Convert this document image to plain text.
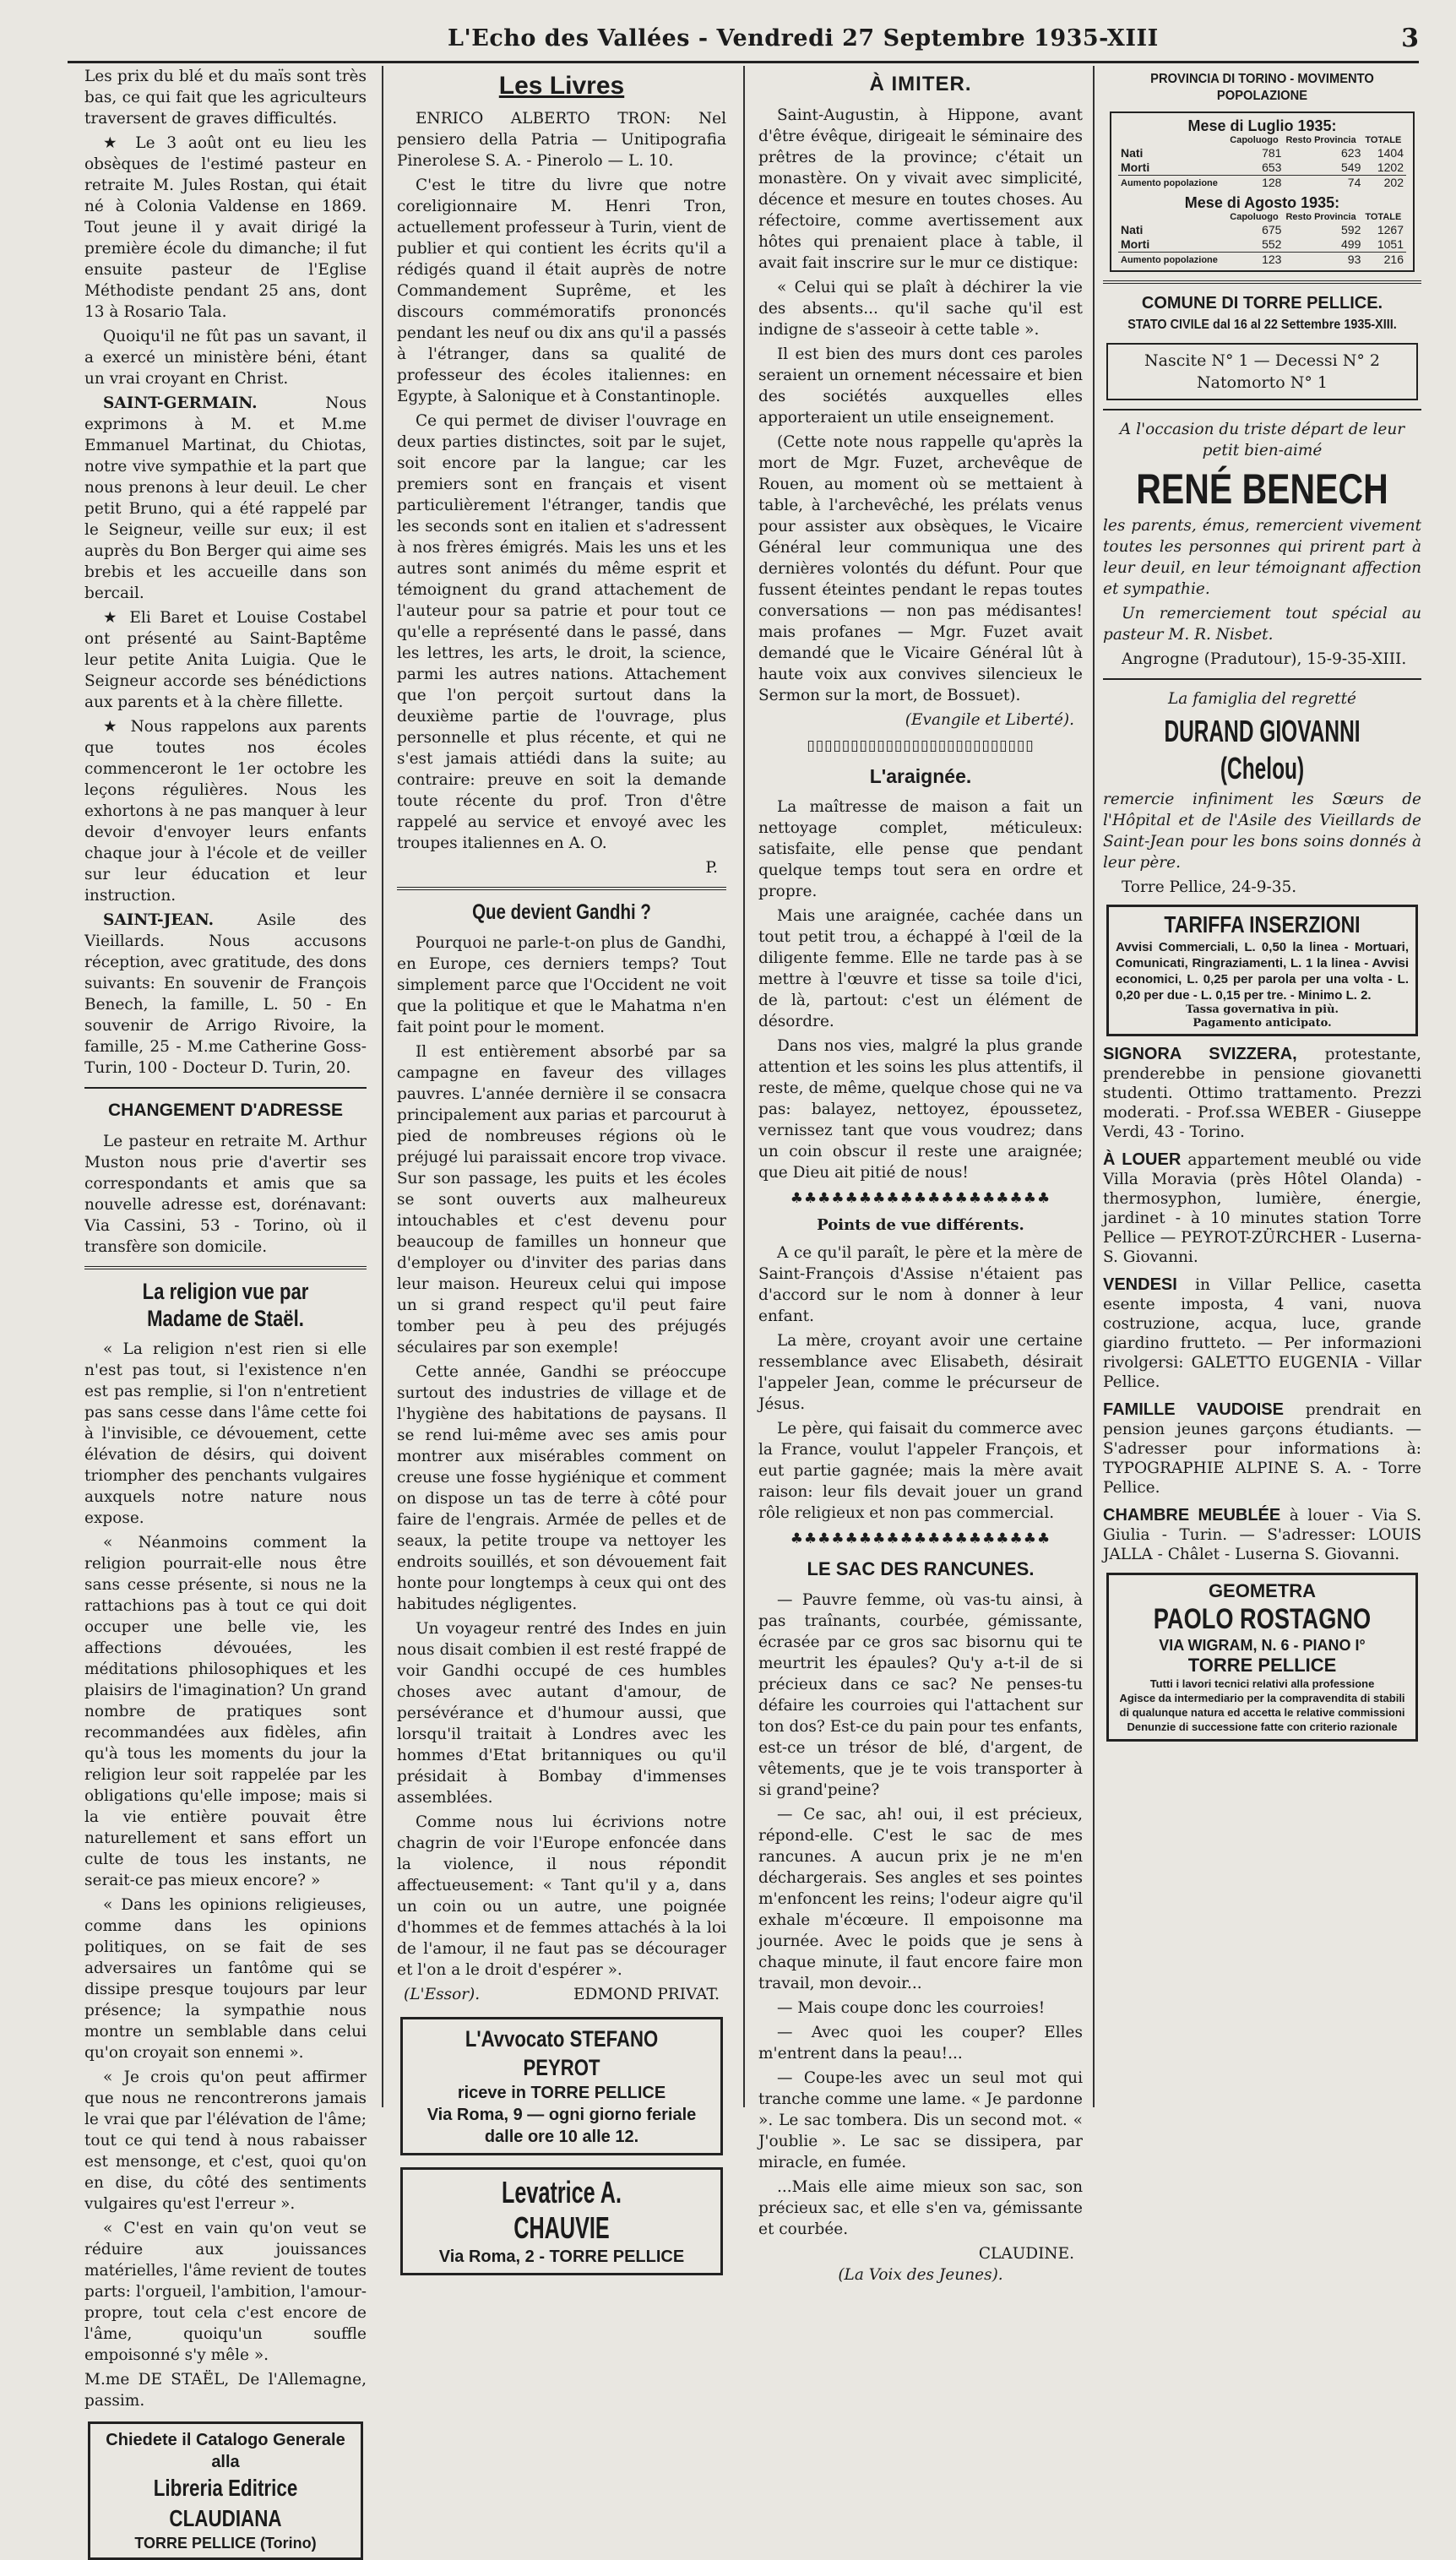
L'Echo des Vallées - Vendredi 27 Septembre 1935-XIII	3

Les prix du blé et du maïs sont très bas, ce qui fait que les agriculteurs traversent de graves difficultés.

★ Le 3 août ont eu lieu les obsèques de l'estimé pasteur en retraite M. Jules Rostan, qui était né à Colonia Valdense en 1869. Tout jeune il y avait dirigé la première école du dimanche; il fut ensuite pasteur de l'Eglise Méthodiste pendant 25 ans, dont 13 à Rosario Tala.

Quoiqu'il ne fût pas un savant, il a exercé un ministère béni, étant un vrai croyant en Christ.

SAINT-GERMAIN. Nous exprimons à M. et M.me Emmanuel Martinat, du Chiotas, notre vive sympathie et la part que nous prenons à leur deuil. Le cher petit Bruno, qui a été rappelé par le Seigneur, veille sur eux; il est auprès du Bon Berger qui aime ses brebis et les accueille dans son bercail.

★ Eli Baret et Louise Costabel ont présenté au Saint-Baptême leur petite Anita Luigia. Que le Seigneur accorde ses bénédictions aux parents et à la chère fillette.

★ Nous rappelons aux parents que toutes nos écoles commenceront le 1er octobre les leçons régulières. Nous les exhortons à ne pas manquer à leur devoir d'envoyer leurs enfants chaque jour à l'école et de veiller sur leur éducation et leur instruction.

SAINT-JEAN. Asile des Vieillards. Nous accusons réception, avec gratitude, des dons suivants: En souvenir de François Benech, la famille, L. 50 - En souvenir de Arrigo Rivoire, la famille, 25 - M.me Catherine Goss-Turin, 100 - Docteur D. Turin, 20.

CHANGEMENT D'ADRESSE

Le pasteur en retraite M. Arthur Muston nous prie d'avertir ses correspondants et amis que sa nouvelle adresse est, dorénavant: Via Cassini, 53 - Torino, où il transfère son domicile.

La religion vue par Madame de Staël.

« La religion n'est rien si elle n'est pas tout, si l'existence n'en est pas remplie, si l'on n'entretient pas sans cesse dans l'âme cette foi à l'invisible, ce dévouement, cette élévation de désirs, qui doivent triompher des penchants vulgaires auxquels notre nature nous expose.

« Néanmoins comment la religion pourrait-elle nous être sans cesse présente, si nous ne la rattachions pas à tout ce qui doit occuper une belle vie, les affections dévouées, les méditations philosophiques et les plaisirs de l'imagination? Un grand nombre de pratiques sont recommandées aux fidèles, afin qu'à tous les moments du jour la religion leur soit rappelée par les obligations qu'elle impose; mais si la vie entière pouvait être naturellement et sans effort un culte de tous les instants, ne serait-ce pas mieux encore? »

« Dans les opinions religieuses, comme dans les opinions politiques, on se fait de ses adversaires un fantôme qui se dissipe presque toujours par leur présence; la sympathie nous montre un semblable dans celui qu'on croyait son ennemi ».

« Je crois qu'on peut affirmer que nous ne rencontrerons jamais le vrai que par l'élévation de l'âme; tout ce qui tend à nous rabaisser est mensonge, et c'est, quoi qu'on en dise, du côté des sentiments vulgaires qu'est l'erreur ».

« C'est en vain qu'on veut se réduire aux jouissances matérielles, l'âme revient de toutes parts: l'orgueil, l'ambition, l'amour-propre, tout cela c'est encore de l'âme, quoiqu'un souffle empoisonné s'y mêle ».

M.me DE STAËL, De l'Allemagne, passim.

Chiedete il Catalogo Generale alla
Libreria Editrice CLAUDIANA
TORRE PELLICE (Torino)
Les Livres

ENRICO ALBERTO TRON: Nel pensiero della Patria — Unitipografia Pinerolese S. A. - Pinerolo — L. 10.

C'est le titre du livre que notre coreligionnaire M. Henri Tron, actuellement professeur à Turin, vient de publier et qui contient les écrits qu'il a rédigés quand il était auprès de notre Commandement Suprême, et les discours commémoratifs prononcés pendant les neuf ou dix ans qu'il a passés à l'étranger, dans sa qualité de professeur des écoles italiennes: en Egypte, à Salonique et à Constantinople.

Ce qui permet de diviser l'ouvrage en deux parties distinctes, soit par le sujet, soit encore par la langue; car les premiers sont en français et visent particulièrement l'étranger, tandis que les seconds sont en italien et s'adressent à nos frères émigrés. Mais les uns et les autres sont animés du même esprit et témoignent du grand attachement de l'auteur pour sa patrie et pour tout ce qu'elle a représenté dans le passé, dans les lettres, les arts, le droit, la science, parmi les autres nations. Attachement que l'on perçoit surtout dans la deuxième partie de l'ouvrage, plus personnelle et plus récente, et qui ne s'est jamais attiédi dans la suite; au contraire: preuve en soit la demande toute récente du prof. Tron d'être rappelé au service et envoyé avec les troupes italiennes en A. O.

P.
Que devient Gandhi ?

Pourquoi ne parle-t-on plus de Gandhi, en Europe, ces derniers temps? Tout simplement parce que l'Occident ne voit que la politique et que le Mahatma n'en fait point pour le moment.

Il est entièrement absorbé par sa campagne en faveur des villages pauvres. L'année dernière il se consacra principalement aux parias et parcourut à pied de nombreuses régions où le préjugé lui paraissait encore trop vivace. Sur son passage, les puits et les écoles se sont ouverts aux malheureux intouchables et c'est devenu pour beaucoup de familles un honneur que d'employer ou d'inviter des parias dans leur maison. Heureux celui qui impose un si grand respect qu'il peut faire tomber peu à peu des préjugés séculaires par son exemple!

Cette année, Gandhi se préoccupe surtout des industries de village et de l'hygiène des habitations de paysans. Il se rend lui-même avec ses amis pour montrer aux misérables comment on creuse une fosse hygiénique et comment on dispose un tas de terre à côté pour faire de l'engrais. Armée de pelles et de seaux, la petite troupe va nettoyer les endroits souillés, et son dévouement fait honte pour longtemps à ceux qui ont des habitudes négligentes.

Un voyageur rentré des Indes en juin nous disait combien il est resté frappé de voir Gandhi occupé de ces humbles choses avec autant d'amour, de persévérance et d'humour aussi, que lorsqu'il traitait à Londres avec les hommes d'Etat britanniques ou qu'il présidait à Bombay d'immenses assemblées.

Comme nous lui écrivions notre chagrin de voir l'Europe enfoncée dans la violence, il nous répondit affectueusement: « Tant qu'il y a, dans un coin ou un autre, une poignée d'hommes et de femmes attachés à la loi de l'amour, il ne faut pas se décourager et l'on a le droit d'espérer ».

(L'Essor).	EDMOND PRIVAT.
L'Avvocato STEFANO PEYROT
riceve in TORRE PELLICE
Via Roma, 9 — ogni giorno feriale dalle ore 10 alle 12.
Levatrice A. CHAUVIE
Via Roma, 2 - TORRE PELLICE
À IMITER.

Saint-Augustin, à Hippone, avant d'être évêque, dirigeait le séminaire des prêtres de la province; c'était un monastère. On y vivait avec simplicité, décence et mesure en toutes choses. Au réfectoire, comme avertissement aux hôtes qui prenaient place à table, il avait fait inscrire sur le mur ce distique:

« Celui qui se plaît à déchirer la vie des absents... qu'il sache qu'il est indigne de s'asseoir à cette table ».

Il est bien des murs dont ces paroles seraient un ornement nécessaire et bien des sociétés auxquelles elles apporteraient un utile enseignement.

(Cette note nous rappelle qu'après la mort de Mgr. Fuzet, archevêque de Rouen, au moment où se mettaient à table, à l'archevêché, les prélats venus pour assister aux obsèques, le Vicaire Général leur communiqua une des dernières volontés du défunt. Pour que fussent éteintes pendant le repas toutes conversations — non pas médisantes! mais profanes — Mgr. Fuzet avait demandé que le Vicaire Général lût à haute voix aux convives silencieux le Sermon sur la mort, de Bossuet).

(Evangile et Liberté).
▯▯▯▯▯▯▯▯▯▯▯▯▯▯▯▯▯▯▯▯▯▯▯▯▯▯
L'araignée.

La maîtresse de maison a fait un nettoyage complet, méticuleux: satisfaite, elle pense que pendant quelque temps tout sera en ordre et propre.

Mais une araignée, cachée dans un tout petit trou, a échappé à l'œil de la diligente femme. Elle ne tarde pas à se mettre à l'œuvre et tisse sa toile d'ici, de là, partout: c'est un élément de désordre.

Dans nos vies, malgré la plus grande attention et les soins les plus attentifs, il reste, de même, quelque chose qui ne va pas: balayez, nettoyez, époussetez, vernissez tant que vous voudrez; dans un coin obscur il reste une araignée; que Dieu ait pitié de nous!

♣♣♣♣♣♣♣♣♣♣♣♣♣♣♣♣♣♣♣
Points de vue différents.

A ce qu'il paraît, le père et la mère de Saint-François d'Assise n'étaient pas d'accord sur le nom à donner à leur enfant.

La mère, croyant avoir une certaine ressemblance avec Elisabeth, désirait l'appeler Jean, comme le précurseur de Jésus.

Le père, qui faisait du commerce avec la France, voulut l'appeler François, et eut partie gagnée; mais la mère avait raison: leur fils devait jouer un grand rôle religieux et non pas commercial.

♣♣♣♣♣♣♣♣♣♣♣♣♣♣♣♣♣♣♣
LE SAC DES RANCUNES.

— Pauvre femme, où vas-tu ainsi, à pas traînants, courbée, gémissante, écrasée par ce gros sac bisornu qui te meurtrit les épaules? Qu'y a-t-il de si précieux dans ce sac? Ne penses-tu défaire les courroies qui l'attachent sur ton dos? Est-ce du pain pour tes enfants, est-ce un trésor de blé, d'argent, de vêtements, que je te vois transporter à si grand'peine?

— Ce sac, ah! oui, il est précieux, répond-elle. C'est le sac de mes rancunes. A aucun prix je ne m'en déchargerais. Ses angles et ses pointes m'enfoncent les reins; l'odeur aigre qu'il exhale m'écœure. Il empoisonne ma journée. Avec le poids que je sens à chaque minute, il faut encore faire mon travail, mon devoir...

— Mais coupe donc les courroies!

— Avec quoi les couper? Elles m'entrent dans la peau!...

— Coupe-les avec un seul mot qui tranche comme une lame. « Je pardonne ». Le sac tombera. Dis un second mot. « J'oublie ». Le sac se dissipera, par miracle, en fumée.

...Mais elle aime mieux son sac, son précieux sac, et elle s'en va, gémissante et courbée.

CLAUDINE.
(La Voix des Jeunes).
PROVINCIA DI TORINO - MOVIMENTO POPOLAZIONE
Mese di Luglio 1935:
	Capoluogo	Resto Provincia	TOTALE
Nati	781	623	1404
Morti	653	549	1202
Aumento popolazione	128	74	202
Mese di Agosto 1935:
	Capoluogo	Resto Provincia	TOTALE
Nati	675	592	1267
Morti	552	499	1051
Aumento popolazione	123	93	216
COMUNE DI TORRE PELLICE.
STATO CIVILE dal 16 al 22 Settembre 1935-XIII.
Nascite N° 1 — Decessi N° 2
Natomorto N° 1

A l'occasion du triste départ de leur petit bien-aimé

RENÉ BENECH

les parents, émus, remercient vivement toutes les personnes qui prirent part à leur deuil, en leur témoignant affection et sympathie.

Un remerciement tout spécial au pasteur M. R. Nisbet.

Angrogne (Pradutour), 15-9-35-XIII.

La famiglia del regretté

DURAND GIOVANNI (Chelou)

remercie infiniment les Sœurs de l'Hôpital et de l'Asile des Vieillards de Saint-Jean pour les bons soins donnés à leur père.

Torre Pellice, 24-9-35.

TARIFFA INSERZIONI
Avvisi Commerciali, L. 0,50 la linea - Mortuari, Comunicati, Ringraziamenti, L. 1 la linea - Avvisi economici, L. 0,25 per parola per una volta - L. 0,20 per due - L. 0,15 per tre. - Minimo L. 2.
Tassa governativa in più.
Pagamento anticipato.

SIGNORA SVIZZERA, protestante, prenderebbe in pensione giovanetti studenti. Ottimo trattamento. Prezzi moderati. - Prof.ssa WEBER - Giuseppe Verdi, 43 - Torino.

À LOUER appartement meublé ou vide Villa Moravia (près Hôtel Olanda) - thermosyphon, lumière, énergie, jardinet - à 10 minutes station Torre Pellice — PEYROT-ZÜRCHER - Luserna-S. Giovanni.

VENDESI in Villar Pellice, casetta esente imposta, 4 vani, nuova costruzione, acqua, luce, grande giardino frutteto. — Per informazioni rivolgersi: GALETTO EUGENIA - Villar Pellice.

FAMILLE VAUDOISE prendrait en pension jeunes garçons étudiants. — S'adresser pour informations à: TYPOGRAPHIE ALPINE S. A. - Torre Pellice.

CHAMBRE MEUBLÉE à louer - Via S. Giulia - Turin. — S'adresser: LOUIS JALLA - Châlet - Luserna S. Giovanni.

GEOMETRA
PAOLO ROSTAGNO
VIA WIGRAM, N. 6 - PIANO I°
TORRE PELLICE
Tutti i lavori tecnici relativi alla professione
Agisce da intermediario per la compravendita di stabili di qualunque natura ed accetta le relative commissioni
Denunzie di successione fatte con criterio razionale
